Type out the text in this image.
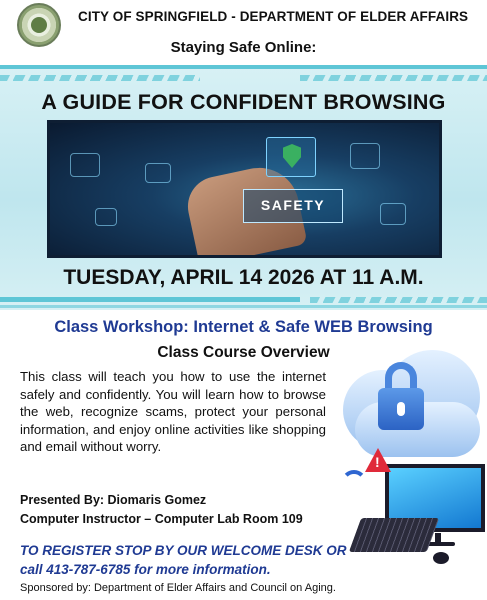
CITY OF SPRINGFIELD - DEPARTMENT OF ELDER AFFAIRS
Staying Safe Online:
A GUIDE FOR CONFIDENT BROWSING
SAFETY
TUESDAY, APRIL 14 2026 AT 11 A.M.
Class Workshop: Internet & Safe WEB Browsing
Class Course Overview
This class will teach you how to use the internet safely and confidently. You will learn how to browse the web, recognize scams, protect your personal information, and enjoy online activities like shopping and email without worry.
Presented By: Diomaris Gomez
Computer Instructor – Computer Lab Room 109
TO REGISTER STOP BY OUR WELCOME DESK OR
call 413-787-6785 for more information.
Sponsored by: Department of Elder Affairs and Council on Aging.
!
